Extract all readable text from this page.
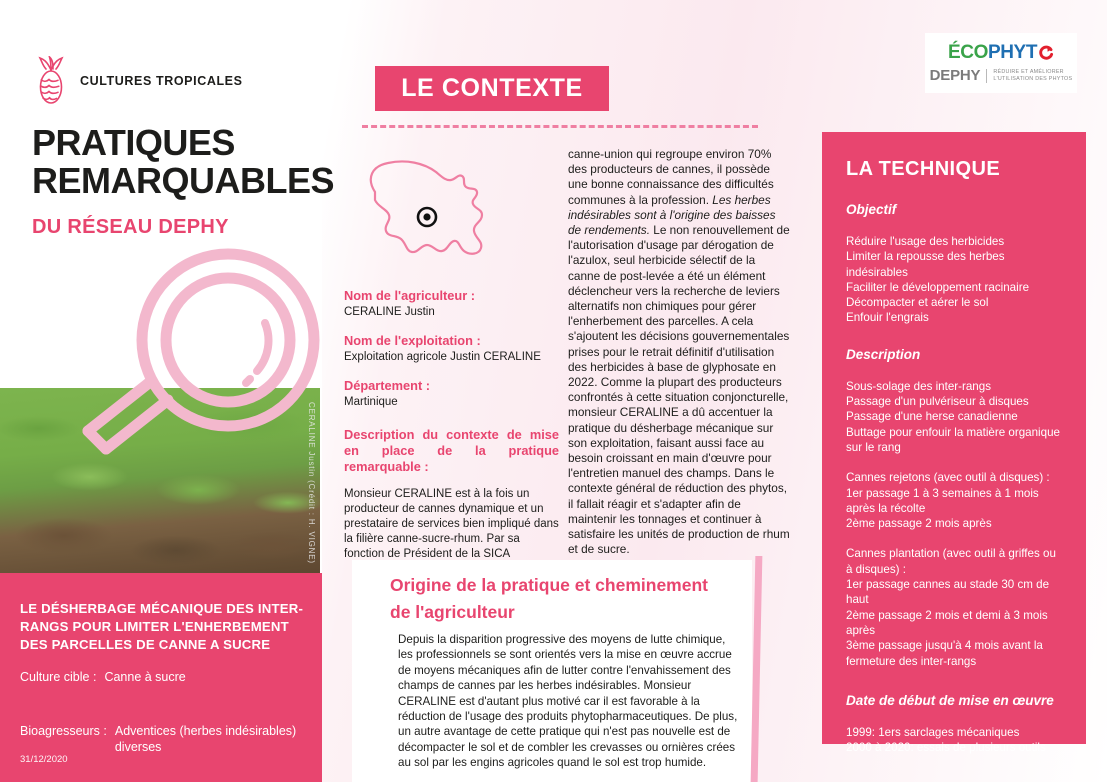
CULTURES TROPICALES
PRATIQUES
REMARQUABLES
DU RÉSEAU DEPHY
CERALINE Justin (Crédit : H. VIGNE)
LE DÉSHERBAGE MÉCANIQUE DES INTER-RANGS POUR LIMITER L'ENHERBEMENT DES PARCELLES DE CANNE A SUCRE
Culture cible : Canne à sucre
Bioagresseurs : Adventices (herbes indésirables) diverses
31/12/2020
LE CONTEXTE
Nom de l'agriculteur :
CERALINE Justin
Nom de l'exploitation :
Exploitation agricole Justin CERALINE
Département :
Martinique
Description du contexte de mise en place de la pratique remarquable :
Monsieur CERALINE est à la fois un producteur de cannes dynamique et un prestataire de services bien impliqué dans la filière canne-sucre-rhum. Par sa fonction de Président de la SICA
canne-union qui regroupe environ 70% des producteurs de cannes, il possède une bonne connaissance des difficultés communes à la profession. Les herbes indésirables sont à l'origine des baisses de rendements. Le non renouvellement de l'autorisation d'usage par dérogation de l'azulox, seul herbicide sélectif de la canne de post-levée a été un élément déclencheur vers la recherche de leviers alternatifs non chimiques pour gérer l'enherbement des parcelles. A cela s'ajoutent les décisions gouvernementales prises pour le retrait définitif d'utilisation des herbicides à base de glyphosate en 2022. Comme la plupart des producteurs confrontés à cette situation conjoncturelle, monsieur CERALINE a dû accentuer la pratique du désherbage mécanique sur son exploitation, faisant aussi face au besoin croissant en main d'œuvre pour l'entretien manuel des champs. Dans le contexte général de réduction des phytos, il fallait réagir et s'adapter afin de maintenir les tonnages et continuer à satisfaire les unités de production de rhum et de sucre.
Origine de la pratique et cheminement de l'agriculteur
Depuis la disparition progressive des moyens de lutte chimique, les professionnels se sont orientés vers la mise en œuvre accrue de moyens mécaniques afin de lutter contre l'envahissement des champs de cannes par les herbes indésirables. Monsieur CERALINE est d'autant plus motivé car il est favorable à la réduction de l'usage des produits phytopharmaceutiques. De plus, un autre avantage de cette pratique qui n'est pas nouvelle est de décompacter le sol et de combler les crevasses ou ornières crées au sol par les engins agricoles quand le sol est trop humide.
LA TECHNIQUE
Objectif
Réduire l'usage des herbicides
Limiter la repousse des herbes indésirables
Faciliter le développement racinaire
Décompacter et aérer le sol
Enfouir l'engrais
Description
Sous-solage des inter-rangs
Passage d'un pulvériseur à disques
Passage d'une herse canadienne
Buttage pour enfouir la matière organique sur le rang
Cannes rejetons (avec outil à disques) :
1er passage 1 à 3 semaines à 1 mois après la récolte
2ème passage 2 mois après
Cannes plantation (avec outil à griffes ou à disques) :
1er passage cannes au stade 30 cm de haut
2ème passage 2 mois et demi à 3 mois après
3ème passage jusqu'à 4 mois avant la fermeture des inter-rangs
Date de début de mise en œuvre
1999: 1ers sarclages mécaniques
2000 à 2020: essais de plusieurs outils
ÉCO PHYT
DEPHY	RÉDUIRE ET AMÉLIORER
L'UTILISATION DES PHYTOS
